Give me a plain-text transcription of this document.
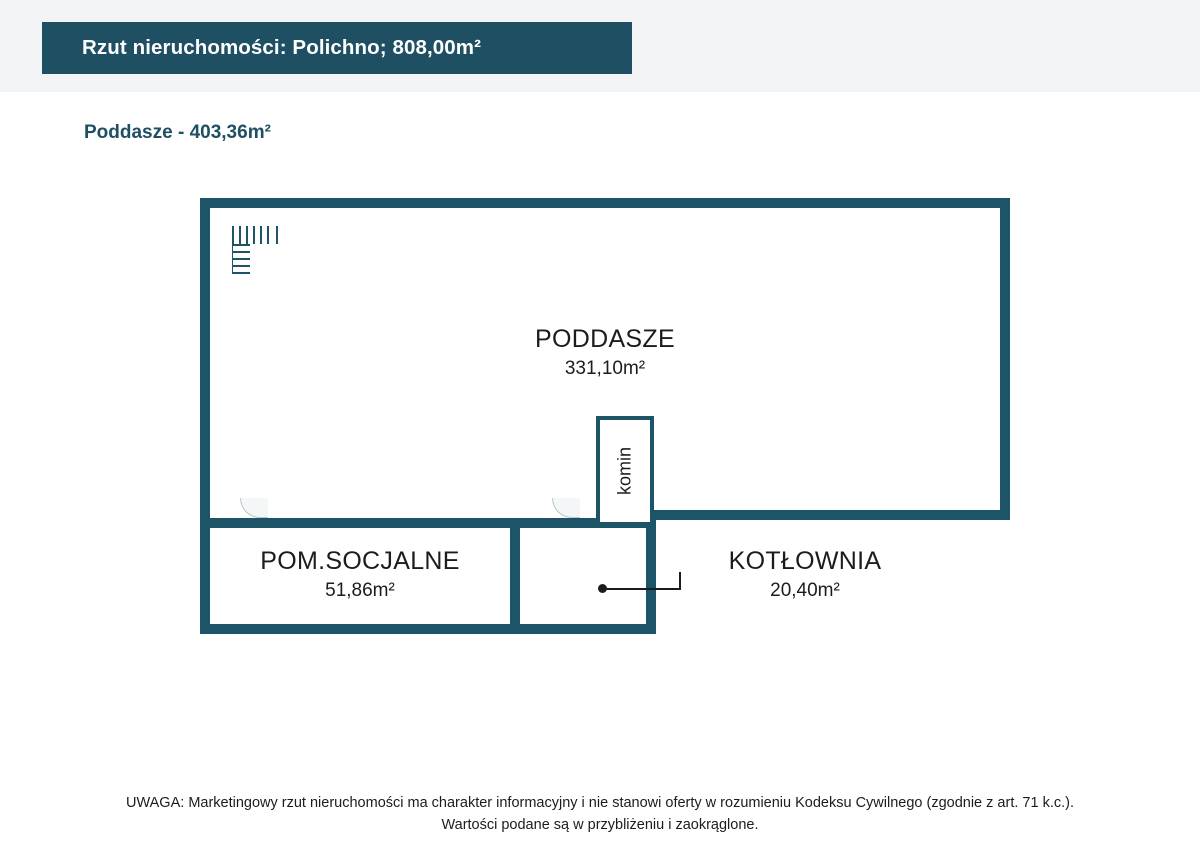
Rzut nieruchomości: Polichno; 808,00m²
Poddasze - 403,36m²
komin
PODDASZE
331,10m²
POM.SOCJALNE
51,86m²
KOTŁOWNIA
20,40m²
UWAGA: Marketingowy rzut nieruchomości ma charakter informacyjny i nie stanowi oferty w rozumieniu Kodeksu Cywilnego (zgodnie z art. 71 k.c.).
Wartości podane są w przybliżeniu i zaokrąglone.
